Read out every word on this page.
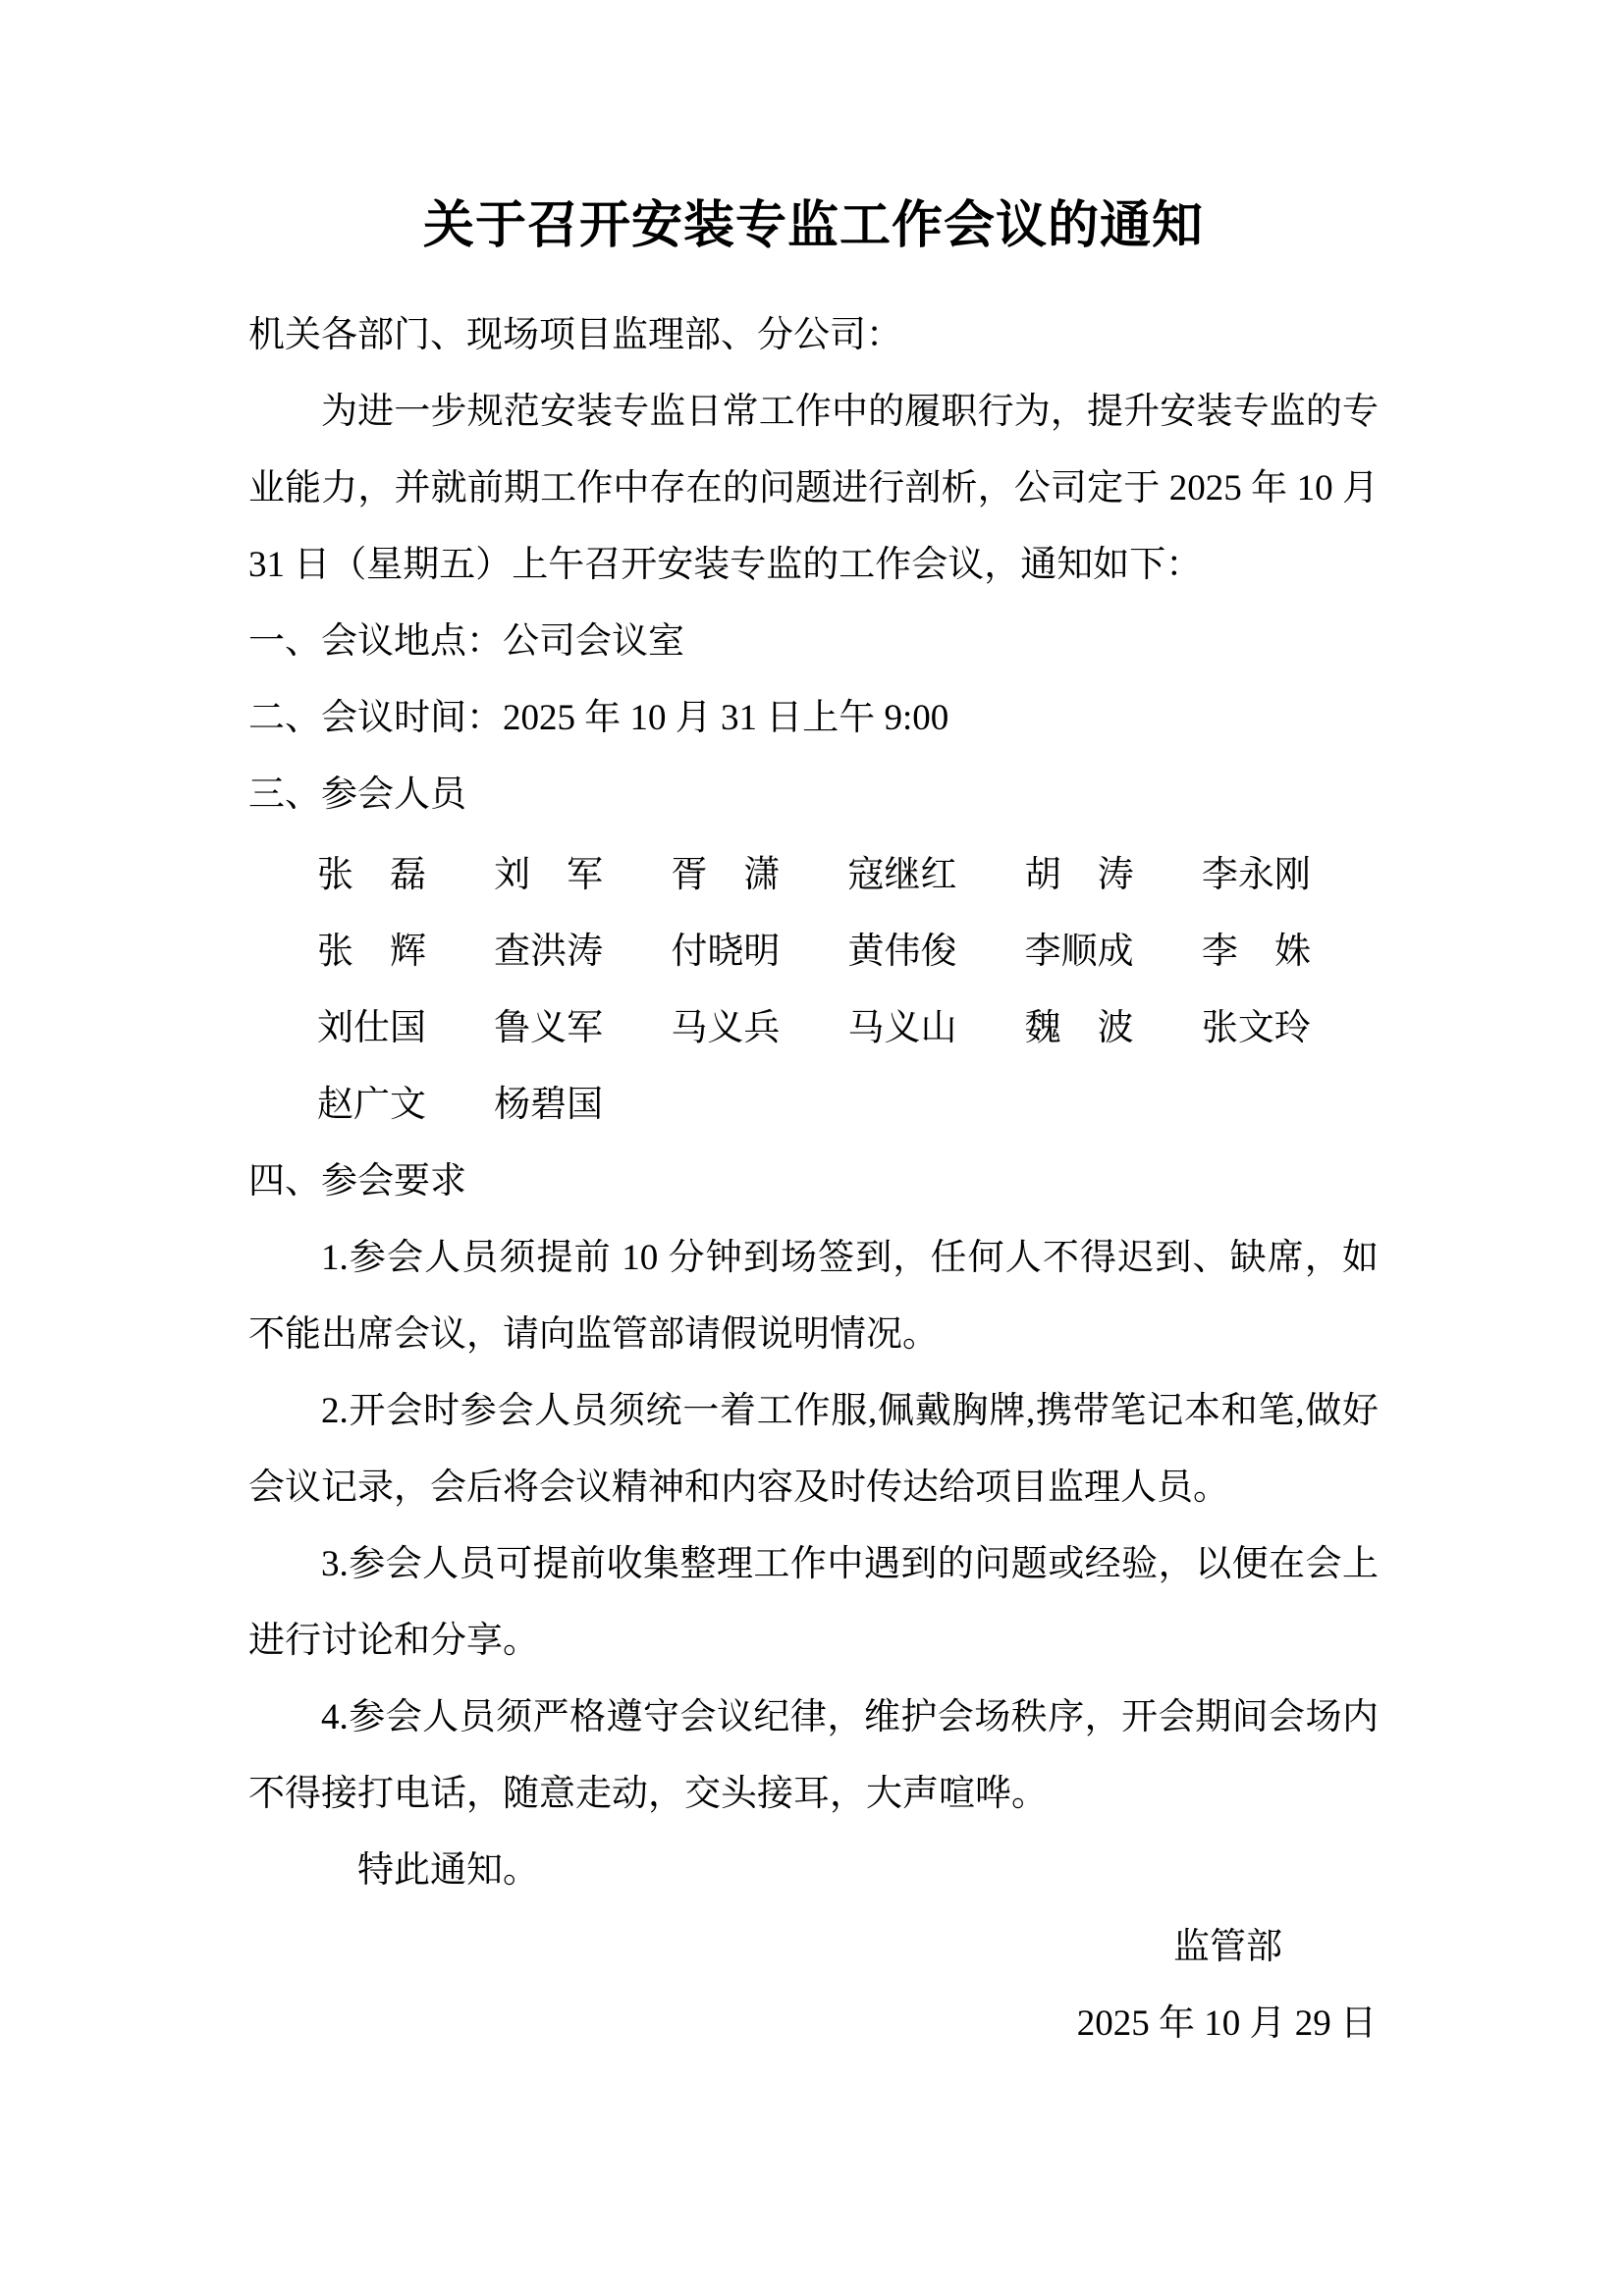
关于召开安装专监工作会议的通知

机关各部门、现场项目监理部、分公司：

为进一步规范安装专监日常工作中的履职行为，提升安装专监的专业能力，并就前期工作中存在的问题进行剖析，公司定于 2025 年 10 月 31 日（星期五）上午召开安装专监的工作会议，通知如下：

一、会议地点：公司会议室

二、会议时间：2025 年 10 月 31 日上午 9:00

三、参会人员

张　磊	刘　军	胥　潇	寇继红	胡　涛	李永刚
张　辉	查洪涛	付晓明	黄伟俊	李顺成	李　姝
刘仕国	鲁义军	马义兵	马义山	魏　波	张文玲
赵广文	杨碧国

四、参会要求

1.参会人员须提前 10 分钟到场签到，任何人不得迟到、缺席，如不能出席会议，请向监管部请假说明情况。

2.开会时参会人员须统一着工作服,佩戴胸牌,携带笔记本和笔,做好会议记录，会后将会议精神和内容及时传达给项目监理人员。

3.参会人员可提前收集整理工作中遇到的问题或经验，以便在会上进行讨论和分享。

4.参会人员须严格遵守会议纪律，维护会场秩序，开会期间会场内不得接打电话，随意走动，交头接耳，大声喧哗。

特此通知。

监管部
2025 年 10 月 29 日
